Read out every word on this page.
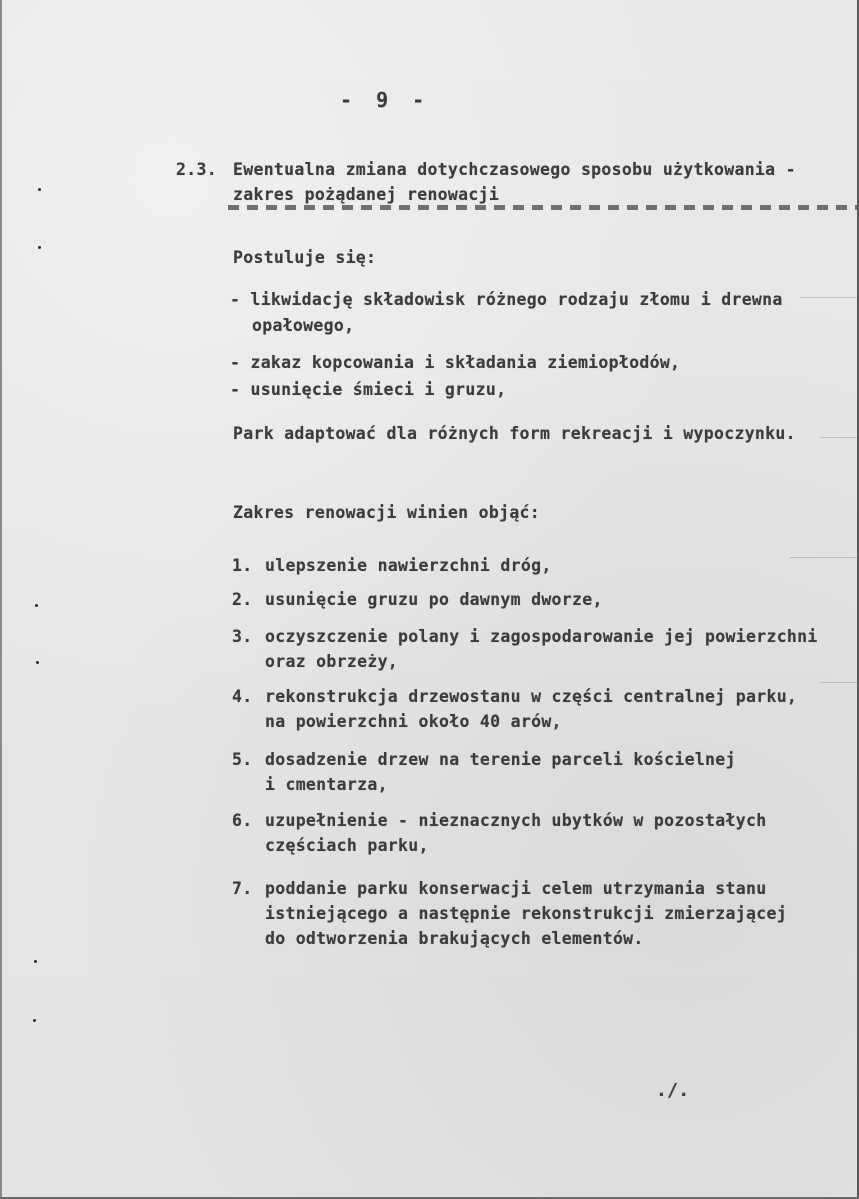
- 9 -
2.3. Ewentualna zmiana dotychczasowego sposobu użytkowania -
zakres pożądanej renowacji
Postuluje się:
- likwidację składowisk różnego rodzaju złomu i drewna
opałowego,
- zakaz kopcowania i składania ziemiopłodów,
- usunięcie śmieci i gruzu,
Park adaptować dla różnych form rekreacji i wypoczynku.
Zakres renowacji winien objąć:
1. ulepszenie nawierzchni dróg,
2. usunięcie gruzu po dawnym dworze,
3. oczyszczenie polany i zagospodarowanie jej powierzchni
oraz obrzeży,
4. rekonstrukcja drzewostanu w części centralnej parku,
na powierzchni około 40 arów,
5. dosadzenie drzew na terenie parceli kościelnej
i cmentarza,
6. uzupełnienie - nieznacznych ubytków w pozostałych
częściach parku,
7. poddanie parku konserwacji celem utrzymania stanu
istniejącego a następnie rekonstrukcji zmierzającej
do odtworzenia brakujących elementów.
./.
